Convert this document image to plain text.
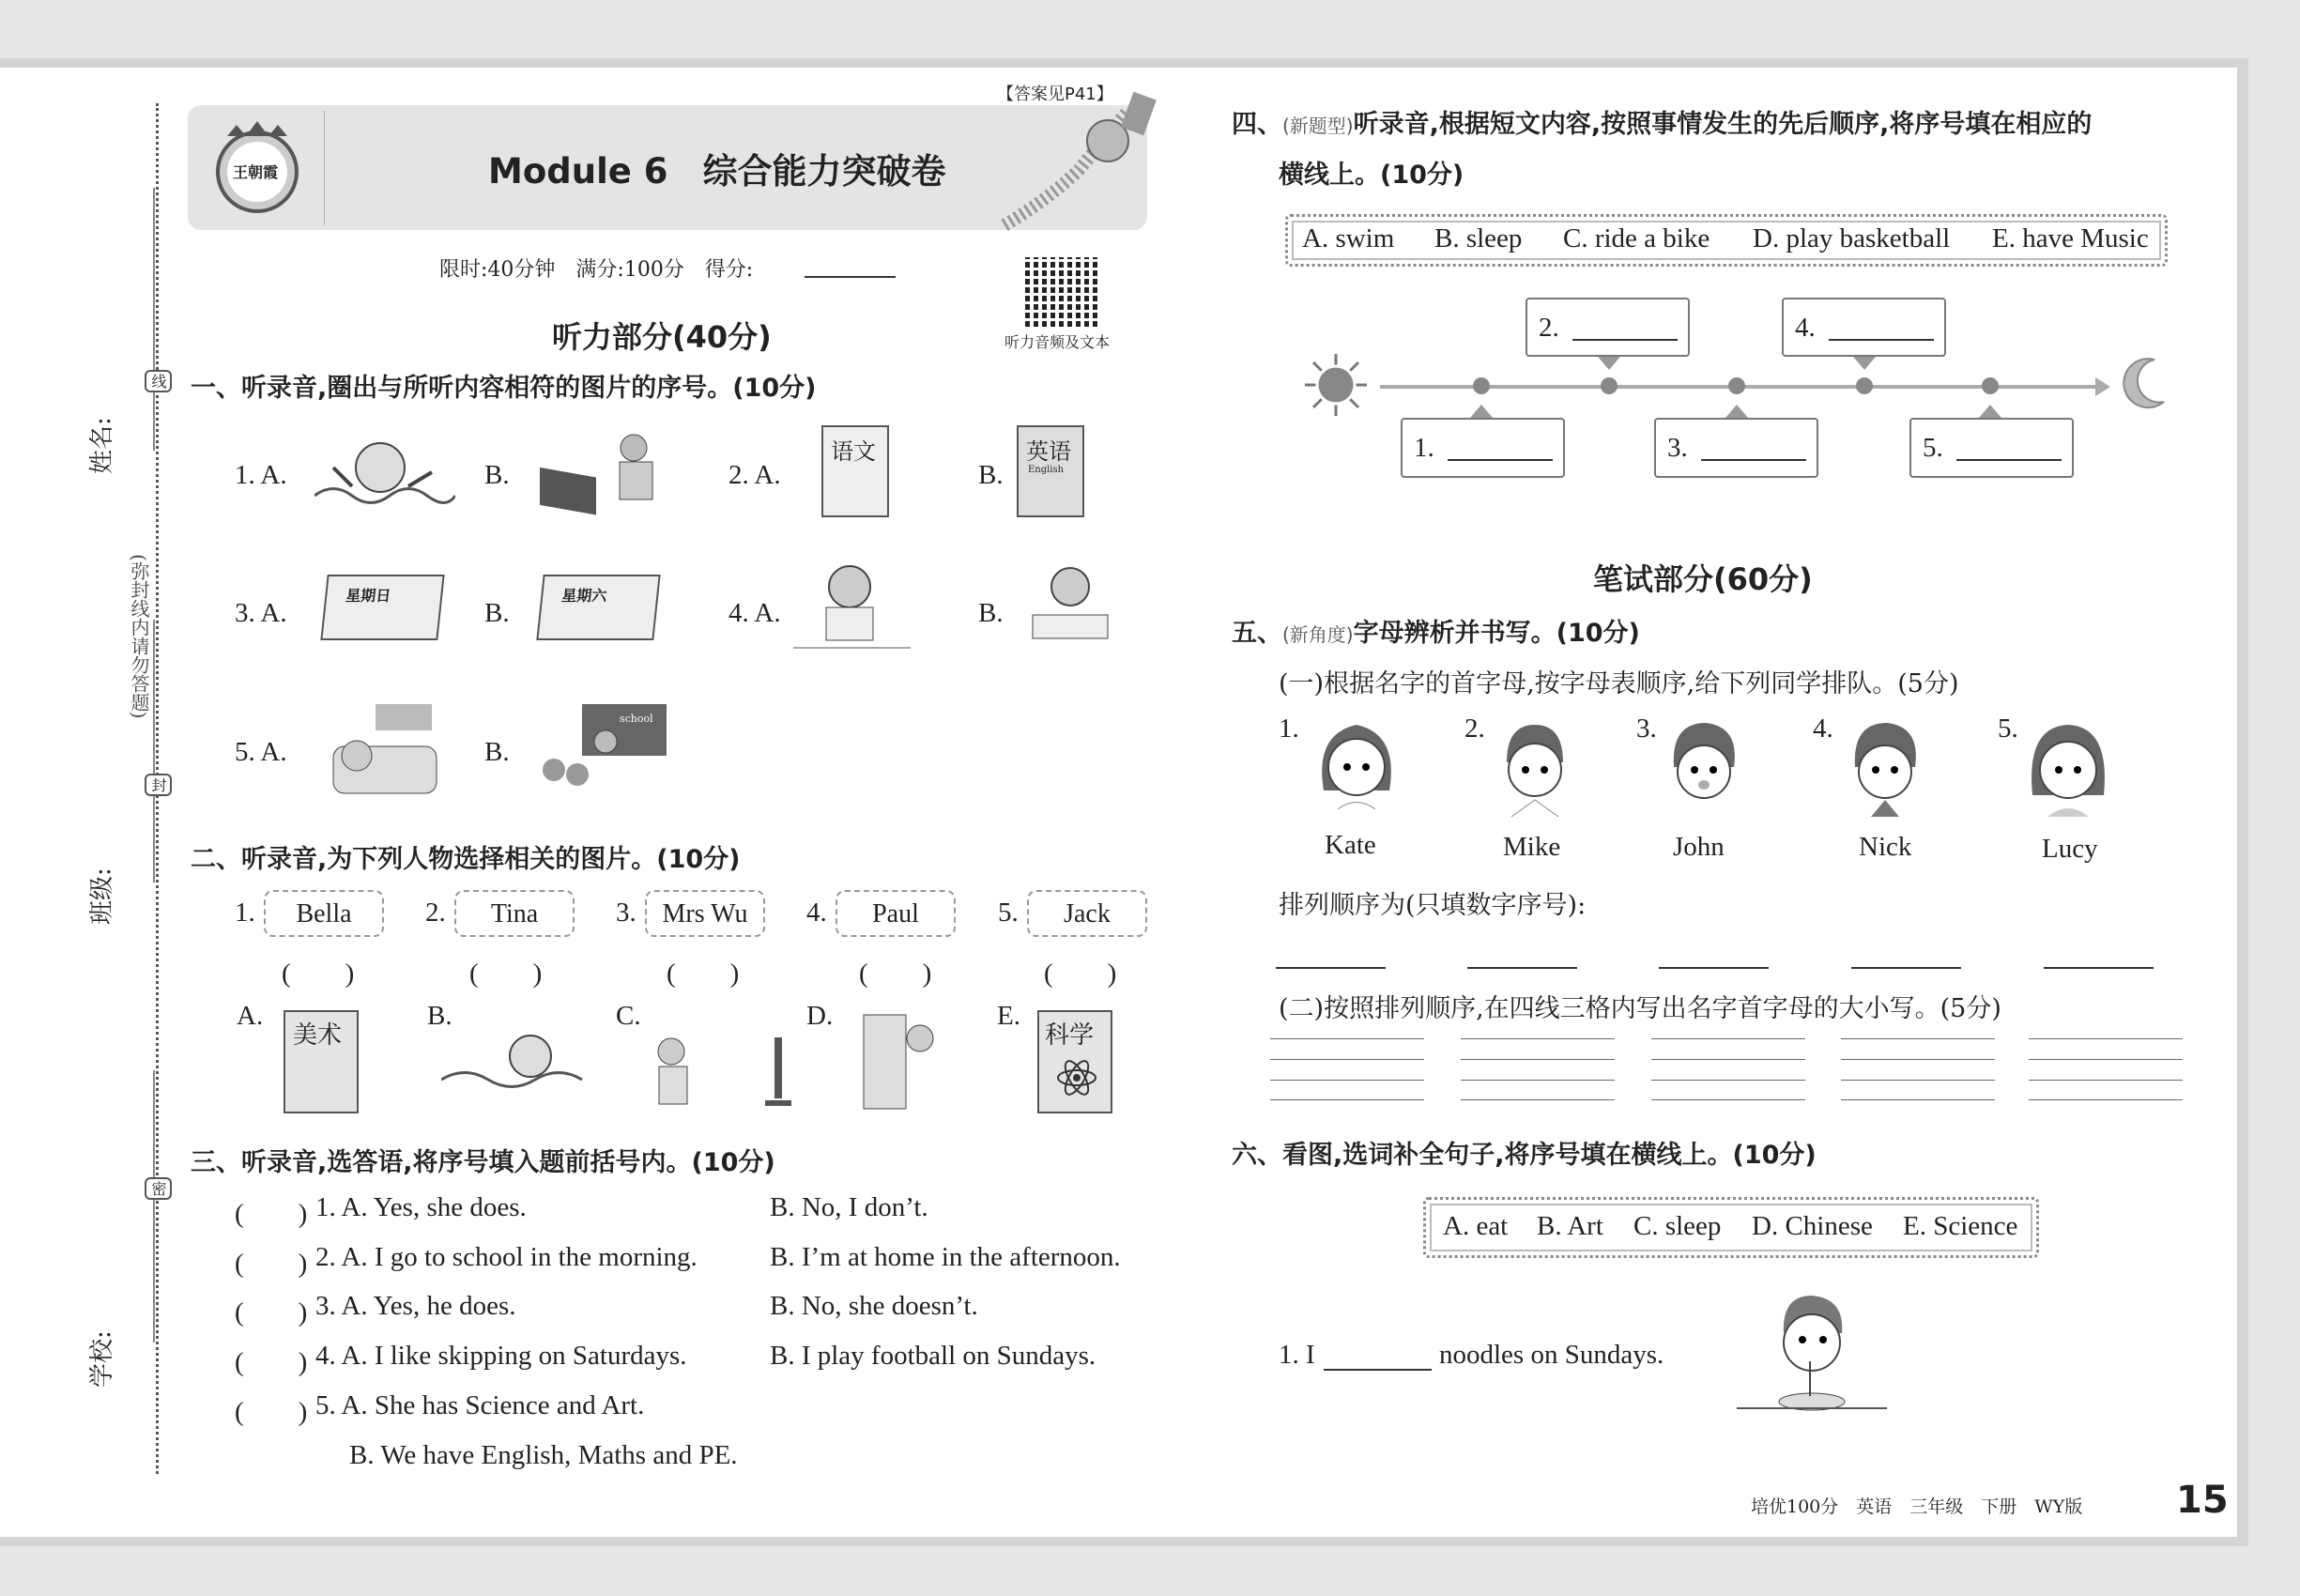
姓名:
班级:
学校:
(弥封线内请勿答题)
线
封
密
【答案见P41】
王朝霞	Module 6　综合能力突破卷
限时:40分钟　满分:100分　得分:
听力音频及文本
听力部分(40分)
一、听录音,圈出与所听内容相符的图片的序号。(10分)
1. A.	B.	2. A.
语文
B.
英语
English
3. A.
星期日
B.
星期六
4. A.	B.
5. A.	B.
school
二、听录音,为下列人物选择相关的图片。(10分)
1.	Bella	2.	Tina	3. Mrs Wu	4.	Paul	5.	Jack
(　　)	(　　)	(　　)	(　　)	(　　)
A.
美术
B.	C.	D.	E.
科学
三、听录音,选答语,将序号填入题前括号内。(10分)
(　　) 1. A. Yes, she does.	B. No, I don’t.
(　　) 2. A. I go to school in the morning.	B. I’m at home in the afternoon.
(　　) 3. A. Yes, he does.	B. No, she doesn’t.
(　　) 4. A. I like skipping on Saturdays.	B. I play football on Sundays.
(　　) 5. A. She has Science and Art.
B. We have English, Maths and PE.
四、(新题型)听录音,根据短文内容,按照事情发生的先后顺序,将序号填在相应的
横线上。(10分)
A. swim B. sleep C. ride a bike D. play basketball E. have Music
2.	4.
1.	3.	5.
笔试部分(60分)
五、(新角度)字母辨析并书写。(10分)
(一)根据名字的首字母,按字母表顺序,给下列同学排队。(5分)
1.	2.	3.	4.	5.
Kate	Mike	John	Nick	Lucy
排列顺序为(只填数字序号):
(二)按照排列顺序,在四线三格内写出名字首字母的大小写。(5分)
六、看图,选词补全句子,将序号填在横线上。(10分)
A. eat B. Art C. sleep D. Chinese E. Science
1. I	noodles on Sundays.
培优100分　英语　三年级　下册　WY版 15
